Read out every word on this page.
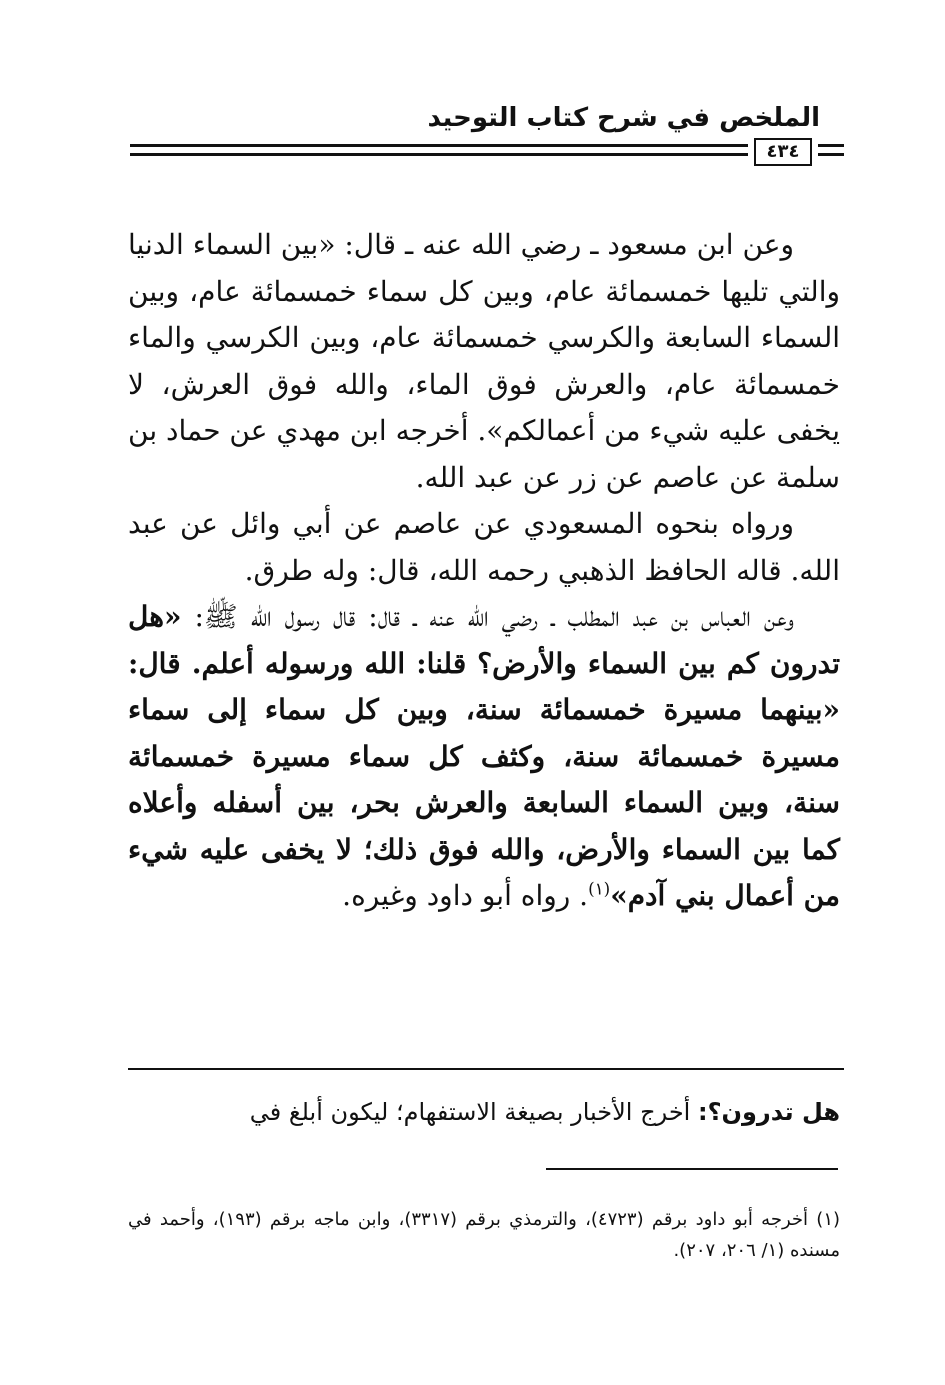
الملخص في شرح كتاب التوحيد
٤٣٤

وعن ابن مسعود ـ رضي الله عنه ـ قال: «بين السماء الدنيا والتي تليها خمسمائة عام، وبين كل سماء خمسمائة عام، وبين السماء السابعة والكرسي خمسمائة عام، وبين الكرسي والماء خمسمائة عام، والعرش فوق الماء، والله فوق العرش، لا يخفى عليه شيء من أعمالكم». أخرجه ابن مهدي عن حماد بن سلمة عن عاصم عن زر عن عبد الله.

ورواه بنحوه المسعودي عن عاصم عن أبي وائل عن عبد الله. قاله الحافظ الذهبي رحمه الله، قال: وله طرق.

وعن العباس بن عبد المطلب ـ رضي الله عنه ـ قال: قال رسول الله ﷺ: «هل تدرون كم بين السماء والأرض؟ قلنا: الله ورسوله أعلم. قال: «بينهما مسيرة خمسمائة سنة، وبين كل سماء إلى سماء مسيرة خمسمائة سنة، وكثف كل سماء مسيرة خمسمائة سنة، وبين السماء السابعة والعرش بحر، بين أسفله وأعلاه كما بين السماء والأرض، والله فوق ذلك؛ لا يخفى عليه شيء من أعمال بني آدم»$^{(١)}$. رواه أبو داود وغيره.

هل تدرون؟: أخرج الأخبار بصيغة الاستفهام؛ ليكون أبلغ في
(١) أخرجه أبو داود برقم (٤٧٢٣)، والترمذي برقم (٣٣١٧)، وابن ماجه برقم (١٩٣)، وأحمد في مسنده (١/ ٢٠٦، ٢٠٧).
